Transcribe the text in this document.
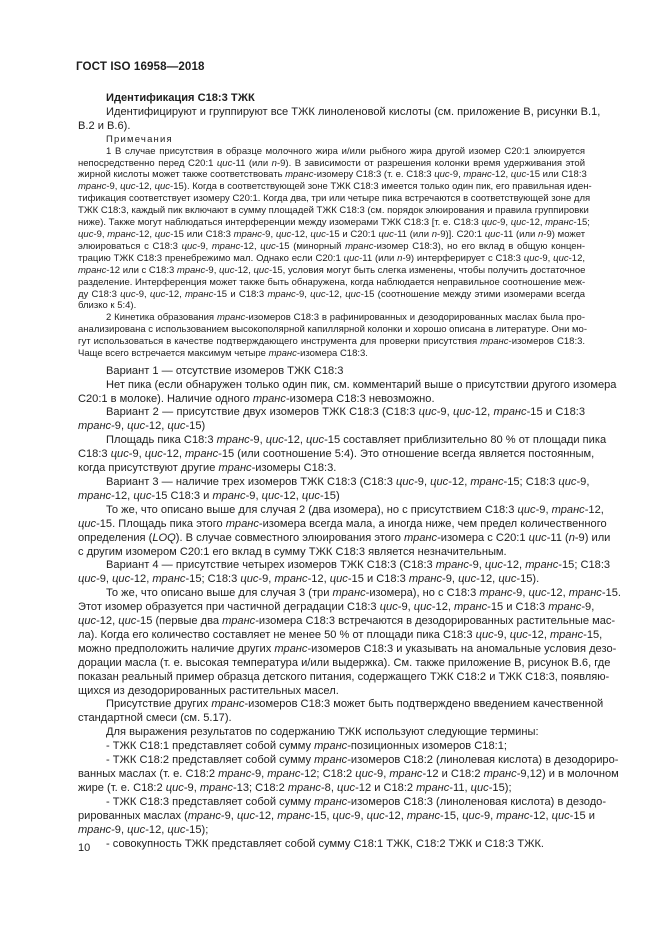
ГОСТ ISO 16958—2018
Идентификация С18:3 ТЖК
Идентифицируют и группируют все ТЖК линоленовой кислоты (см. приложение В, рисунки В.1,
В.2 и В.6).
Примечания
1 В случае присутствия в образце молочного жира и/или рыбного жира другой изомер С20:1 элюируется
непосредственно перед С20:1 цис-11 (или n-9). В зависимости от разрешения колонки время удерживания этой
жирной кислоты может также соответствовать транс-изомеру С18:3 (т. е. С18:3 цис-9, транс-12, цис-15 или С18:3
транс-9, цис-12, цис-15). Когда в соответствующей зоне ТЖК С18:3 имеется только один пик, его правильная иден-
тификация соответствует изомеру С20:1. Когда два, три или четыре пика встречаются в соответствующей зоне для
ТЖК С18:3, каждый пик включают в сумму площадей ТЖК С18:3 (см. порядок элюирования и правила группировки
ниже). Также могут наблюдаться интерференции между изомерами ТЖК С18:3 [т. е. С18:3 цис-9, цис-12, транс-15;
цис-9, транс-12, цис-15 или С18:3 транс-9, цис-12, цис-15 и С20:1 цис-11 (или n-9)]. С20:1 цис-11 (или n-9) может
элюироваться с С18:3 цис-9, транс-12, цис-15 (минорный транс-изомер С18:3), но его вклад в общую концен-
трацию ТЖК С18:3 пренебрежимо мал. Однако если С20:1 цис-11 (или n-9) интерферирует с С18:3 цис-9, цис-12,
транс-12 или с С18:3 транс-9, цис-12, цис-15, условия могут быть слегка изменены, чтобы получить достаточное
разделение. Интерференция может также быть обнаружена, когда наблюдается неправильное соотношение меж-
ду С18:3 цис-9, цис-12, транс-15 и С18:3 транс-9, цис-12, цис-15 (соотношение между этими изомерами всегда
близко к 5:4).
2 Кинетика образования транс-изомеров С18:3 в рафинированных и дезодорированных маслах была про-
анализирована с использованием высокополярной капиллярной колонки и хорошо описана в литературе. Они мо-
гут использоваться в качестве подтверждающего инструмента для проверки присутствия транс-изомеров С18:3.
Чаще всего встречается максимум четыре транс-изомера С18:3.
Вариант 1 — отсутствие изомеров ТЖК С18:3
Нет пика (если обнаружен только один пик, см. комментарий выше о присутствии другого изомера
С20:1 в молоке). Наличие одного транс-изомера С18:3 невозможно.
Вариант 2 — присутствие двух изомеров ТЖК С18:3 (С18:3 цис-9, цис-12, транс-15 и С18:3
транс-9, цис-12, цис-15)
Площадь пика С18:3 транс-9, цис-12, цис-15 составляет приблизительно 80 % от площади пика
С18:3 цис-9, цис-12, транс-15 (или соотношение 5:4). Это отношение всегда является постоянным,
когда присутствуют другие транс-изомеры С18:3.
Вариант 3 — наличие трех изомеров ТЖК С18:3 (С18:3 цис-9, цис-12, транс-15; С18:3 цис-9,
транс-12, цис-15 С18:3 и транс-9, цис-12, цис-15)
То же, что описано выше для случая 2 (два изомера), но с присутствием С18:3 цис-9, транс-12,
цис-15. Площадь пика этого транс-изомера всегда мала, а иногда ниже, чем предел количественного
определения (LOQ). В случае совместного элюирования этого транс-изомера с С20:1 цис-11 (n-9) или
с другим изомером С20:1 его вклад в сумму ТЖК С18:3 является незначительным.
Вариант 4 — присутствие четырех изомеров ТЖК С18:3 (С18:3 транс-9, цис-12, транс-15; С18:3
цис-9, цис-12, транс-15; С18:3 цис-9, транс-12, цис-15 и С18:3 транс-9, цис-12, цис-15).
То же, что описано выше для случая 3 (три транс-изомера), но с С18:3 транс-9, цис-12, транс-15.
Этот изомер образуется при частичной деградации С18:3 цис-9, цис-12, транс-15 и С18:3 транс-9,
цис-12, цис-15 (первые два транс-изомера С18:3 встречаются в дезодорированных растительные мас-
ла). Когда его количество составляет не менее 50 % от площади пика С18:3 цис-9, цис-12, транс-15,
можно предположить наличие других транс-изомеров С18:3 и указывать на аномальные условия дезо-
дорации масла (т. е. высокая температура и/или выдержка). См. также приложение В, рисунок В.6, где
показан реальный пример образца детского питания, содержащего ТЖК С18:2 и ТЖК С18:3, появляю-
щихся из дезодорированных растительных масел.
Присутствие других транс-изомеров С18:3 может быть подтверждено введением качественной
стандартной смеси (см. 5.17).
Для выражения результатов по содержанию ТЖК используют следующие термины:
- ТЖК С18:1 представляет собой сумму транс-позиционных изомеров С18:1;
- ТЖК С18:2 представляет собой сумму транс-изомеров С18:2 (линолевая кислота) в дезодориро-
ванных маслах (т. е. С18:2 транс-9, транс-12; С18:2 цис-9, транс-12 и С18:2 транс-9,12) и в молочном
жире (т. е. С18:2 цис-9, транс-13; С18:2 транс-8, цис-12 и С18:2 транс-11, цис-15);
- ТЖК С18:3 представляет собой сумму транс-изомеров С18:3 (линоленовая кислота) в дезодо-
рированных маслах (транс-9, цис-12, транс-15, цис-9, цис-12, транс-15, цис-9, транс-12, цис-15 и
транс-9, цис-12, цис-15);
- совокупность ТЖК представляет собой сумму С18:1 ТЖК, С18:2 ТЖК и С18:3 ТЖК.
10
